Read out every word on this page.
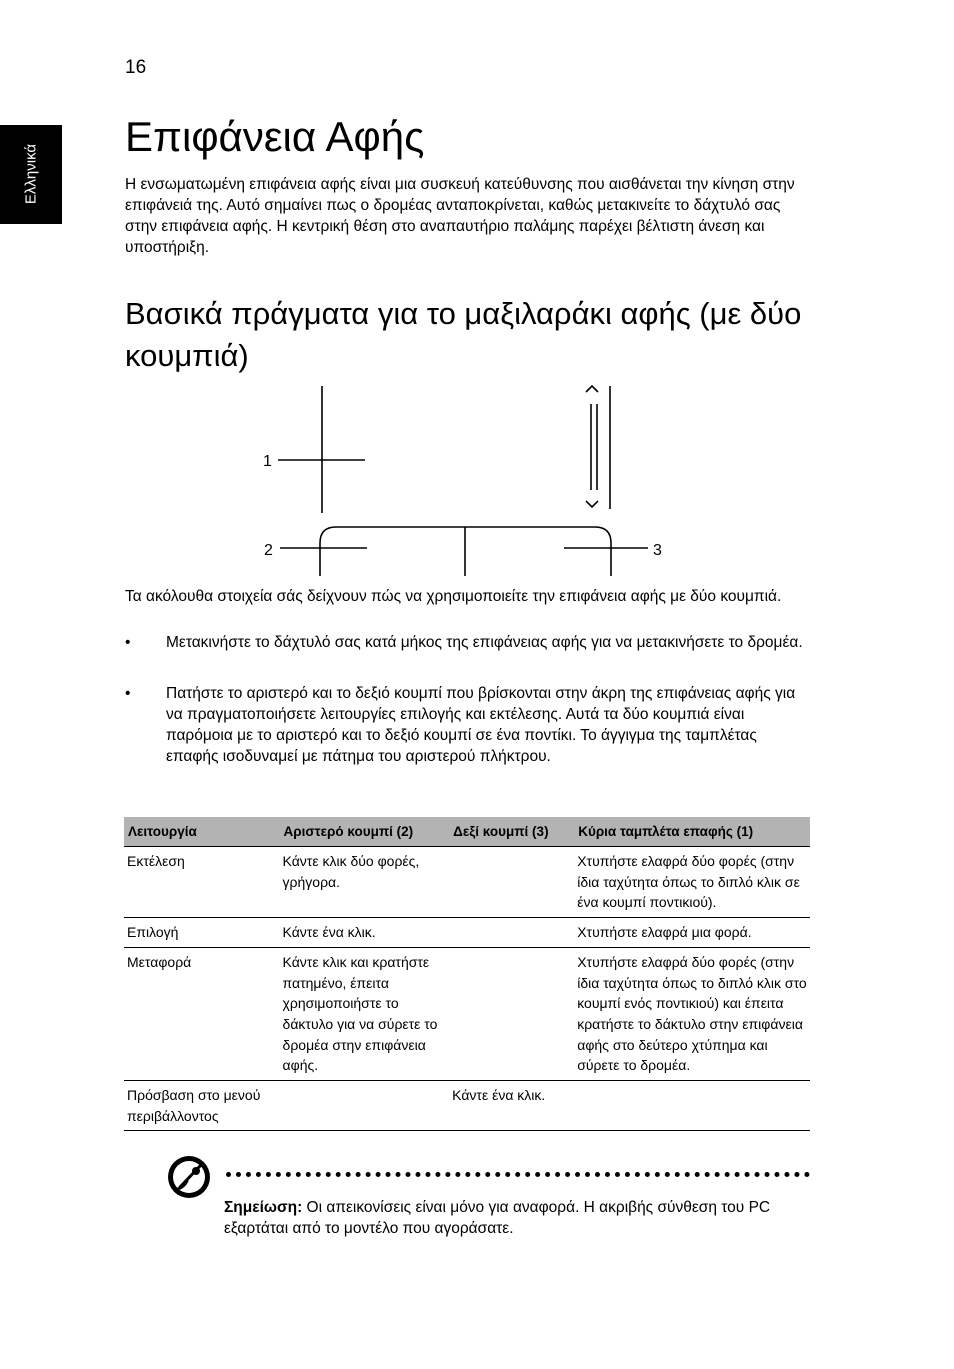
16
Ελληνικά
Επιφάνεια Αφής

Η ενσωματωμένη επιφάνεια αφής είναι μια συσκευή κατεύθυνσης που αισθάνεται την κίνηση στην επιφάνειά της. Αυτό σημαίνει πως ο δρομέας ανταποκρίνεται, καθώς μετακινείτε το δάχτυλό σας στην επιφάνεια αφής. Η κεντρική θέση στο αναπαυτήριο παλάμης παρέχει βέλτιστη άνεση και υποστήριξη.

Βασικά πράγματα για το μαξιλαράκι αφής (με δύο κουμπιά)
1
2	3

Τα ακόλουθα στοιχεία σάς δείχνουν πώς να χρησιμοποιείτε την επιφάνεια αφής με δύο κουμπιά.

• Μετακινήστε το δάχτυλό σας κατά μήκος της επιφάνειας αφής για να μετακινήσετε το δρομέα.
• Πατήστε το αριστερό και το δεξιό κουμπί που βρίσκονται στην άκρη της επιφάνειας αφής για να πραγματοποιήσετε λειτουργίες επιλογής και εκτέλεσης. Αυτά τα δύο κουμπιά είναι παρόμοια με το αριστερό και το δεξιό κουμπί σε ένα ποντίκι. Το άγγιγμα της ταμπλέτας επαφής ισοδυναμεί με πάτημα του αριστερού πλήκτρου.
Λειτουργία	Αριστερό κουμπί (2)	Δεξί κουμπί (3)	Κύρια ταμπλέτα επαφής (1)
Εκτέλεση	Κάντε κλικ δύο φορές, γρήγορα.		Χτυπήστε ελαφρά δύο φορές (στην ίδια ταχύτητα όπως το διπλό κλικ σε ένα κουμπί ποντικιού).
Επιλογή	Κάντε ένα κλικ.		Χτυπήστε ελαφρά μια φορά.
Μεταφορά	Κάντε κλικ και κρατήστε πατημένο, έπειτα χρησιμοποιήστε το δάκτυλο για να σύρετε το δρομέα στην επιφάνεια αφής.		Χτυπήστε ελαφρά δύο φορές (στην ίδια ταχύτητα όπως το διπλό κλικ στο κουμπί ενός ποντικιού) και έπειτα κρατήστε το δάκτυλο στην επιφάνεια αφής στο δεύτερο χτύπημα και σύρετε το δρομέα.
Πρόσβαση στο μενού περιβάλλοντος		Κάντε ένα κλικ.	
Σημείωση: Οι απεικονίσεις είναι μόνο για αναφορά. Η ακριβής σύνθεση του PC εξαρτάται από το μοντέλο που αγοράσατε.
